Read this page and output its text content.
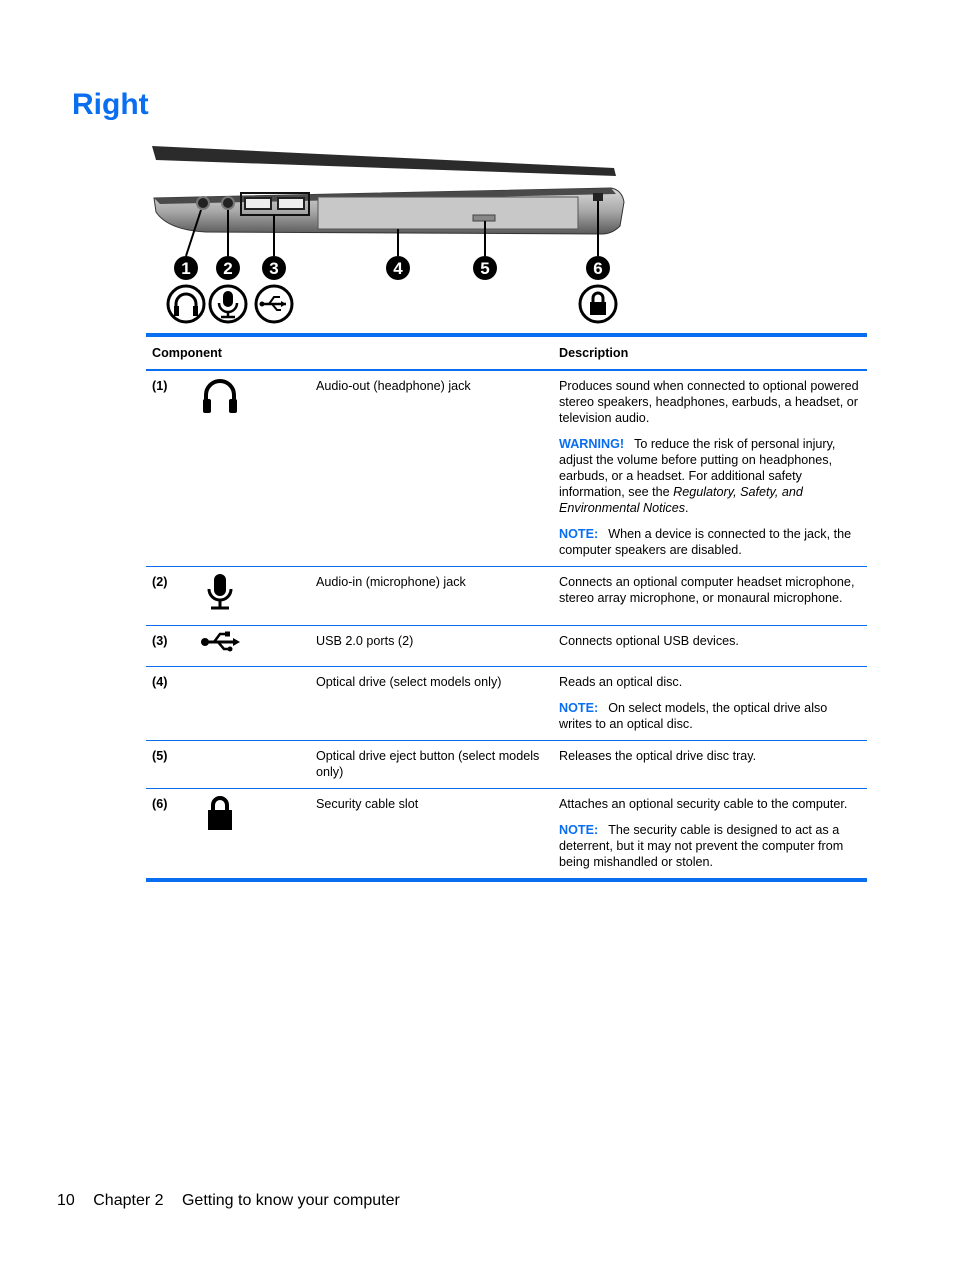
Right
1 2 3	4	5	6
Component			Description
(1)		Audio-out (headphone) jack	Produces sound when connected to optional powered stereo speakers, headphones, earbuds, a headset, or television audio.

WARNING! To reduce the risk of personal injury, adjust the volume before putting on headphones, earbuds, or a headset. For additional safety information, see the Regulatory, Safety, and Environmental Notices.

NOTE: When a device is connected to the jack, the computer speakers are disabled.

(2)		Audio-in (microphone) jack	Connects an optional computer headset microphone, stereo array microphone, or monaural microphone.

(3)		USB 2.0 ports (2)	Connects optional USB devices.

(4)		Optical drive (select models only)	Reads an optical disc.

NOTE: On select models, the optical drive also writes to an optical disc.

(5)		Optical drive eject button (select models only)	Releases the optical drive disc tray.

(6)		Security cable slot	Attaches an optional security cable to the computer.

NOTE: The security cable is designed to act as a deterrent, but it may not prevent the computer from being mishandled or stolen.

10 Chapter 2 Getting to know your computer
